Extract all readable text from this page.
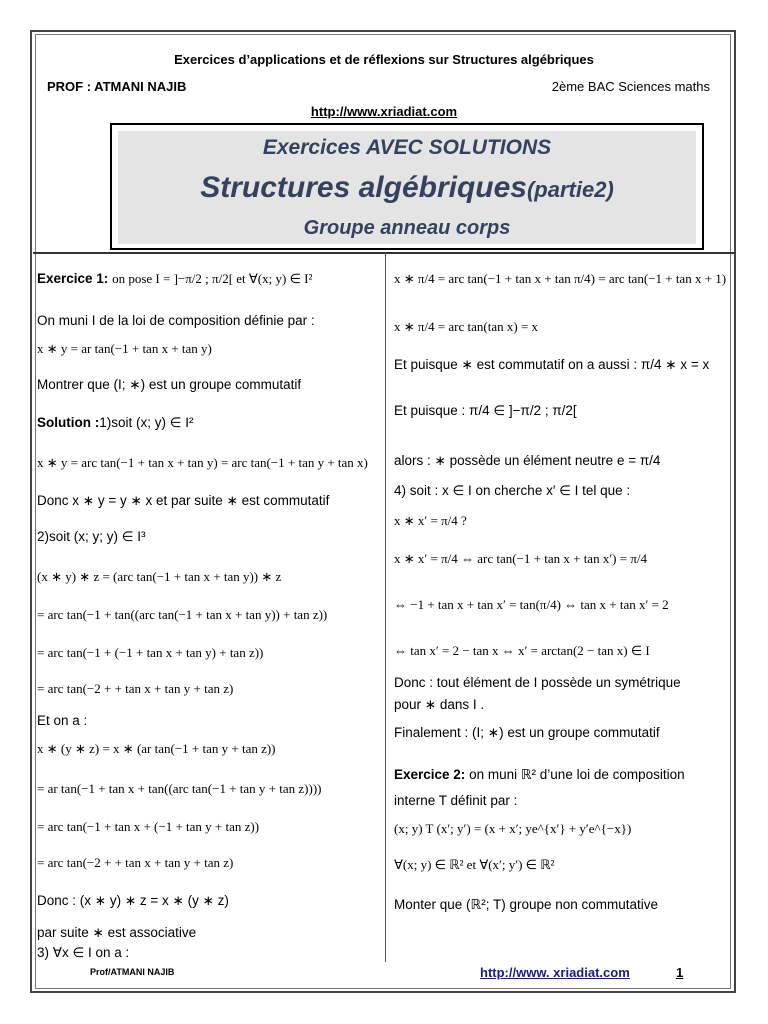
Exercices d’applications et de réflexions sur Structures algébriques
PROF : ATMANI NAJIB	2ème BAC Sciences maths
http://www.xriadiat.com
Exercices AVEC SOLUTIONS
Structures algébriques(partie2)
Groupe anneau corps
Exercice 1: on pose I = ]−π/2 ; π/2[ et ∀(x; y) ∈ I²
On muni I de la loi de composition définie par :
x ∗ y = ar tan(−1 + tan x + tan y)
Montrer que (I; ∗) est un groupe commutatif
Solution :1)soit (x; y) ∈ I²
x ∗ y = arc tan(−1 + tan x + tan y) = arc tan(−1 + tan y + tan x)
Donc x ∗ y = y ∗ x et par suite ∗ est commutatif
2)soit (x; y; y) ∈ I³
(x ∗ y) ∗ z = (arc tan(−1 + tan x + tan y)) ∗ z
= arc tan(−1 + tan((arc tan(−1 + tan x + tan y)) + tan z))
= arc tan(−1 + (−1 + tan x + tan y) + tan z))
= arc tan(−2 + + tan x + tan y + tan z)
Et on a :
x ∗ (y ∗ z) = x ∗ (ar tan(−1 + tan y + tan z))
= ar tan(−1 + tan x + tan((arc tan(−1 + tan y + tan z))))
= arc tan(−1 + tan x + (−1 + tan y + tan z))
= arc tan(−2 + + tan x + tan y + tan z)
Donc : (x ∗ y) ∗ z = x ∗ (y ∗ z)
par suite ∗ est associative
3) ∀x ∈ I on a :
x ∗ π/4 = arc tan(−1 + tan x + tan π/4) = arc tan(−1 + tan x + 1)
x ∗ π/4 = arc tan(tan x) = x
Et puisque ∗ est commutatif on a aussi : π/4 ∗ x = x
Et puisque : π/4 ∈ ]−π/2 ; π/2[
alors : ∗ possède un élément neutre e = π/4
4) soit : x ∈ I on cherche x′ ∈ I tel que :
x ∗ x′ = π/4 ?
x ∗ x′ = π/4 ⇔ arc tan(−1 + tan x + tan x′) = π/4
⇔ −1 + tan x + tan x′ = tan(π/4) ⇔ tan x + tan x′ = 2
⇔ tan x′ = 2 − tan x ⇔ x′ = arctan(2 − tan x) ∈ I
Donc : tout élément de I possède un symétrique
pour ∗ dans I .
Finalement : (I; ∗) est un groupe commutatif
Exercice 2: on muni ℝ² d’une loi de composition
interne T définit par :
(x; y) T (x′; y′) = (x + x′; ye^{x′} + y′e^{−x})
∀(x; y) ∈ ℝ² et ∀(x′; y′) ∈ ℝ²
Monter que (ℝ²; T) groupe non commutative
Prof/ATMANI NAJIB	http://www. xriadiat.com	1
